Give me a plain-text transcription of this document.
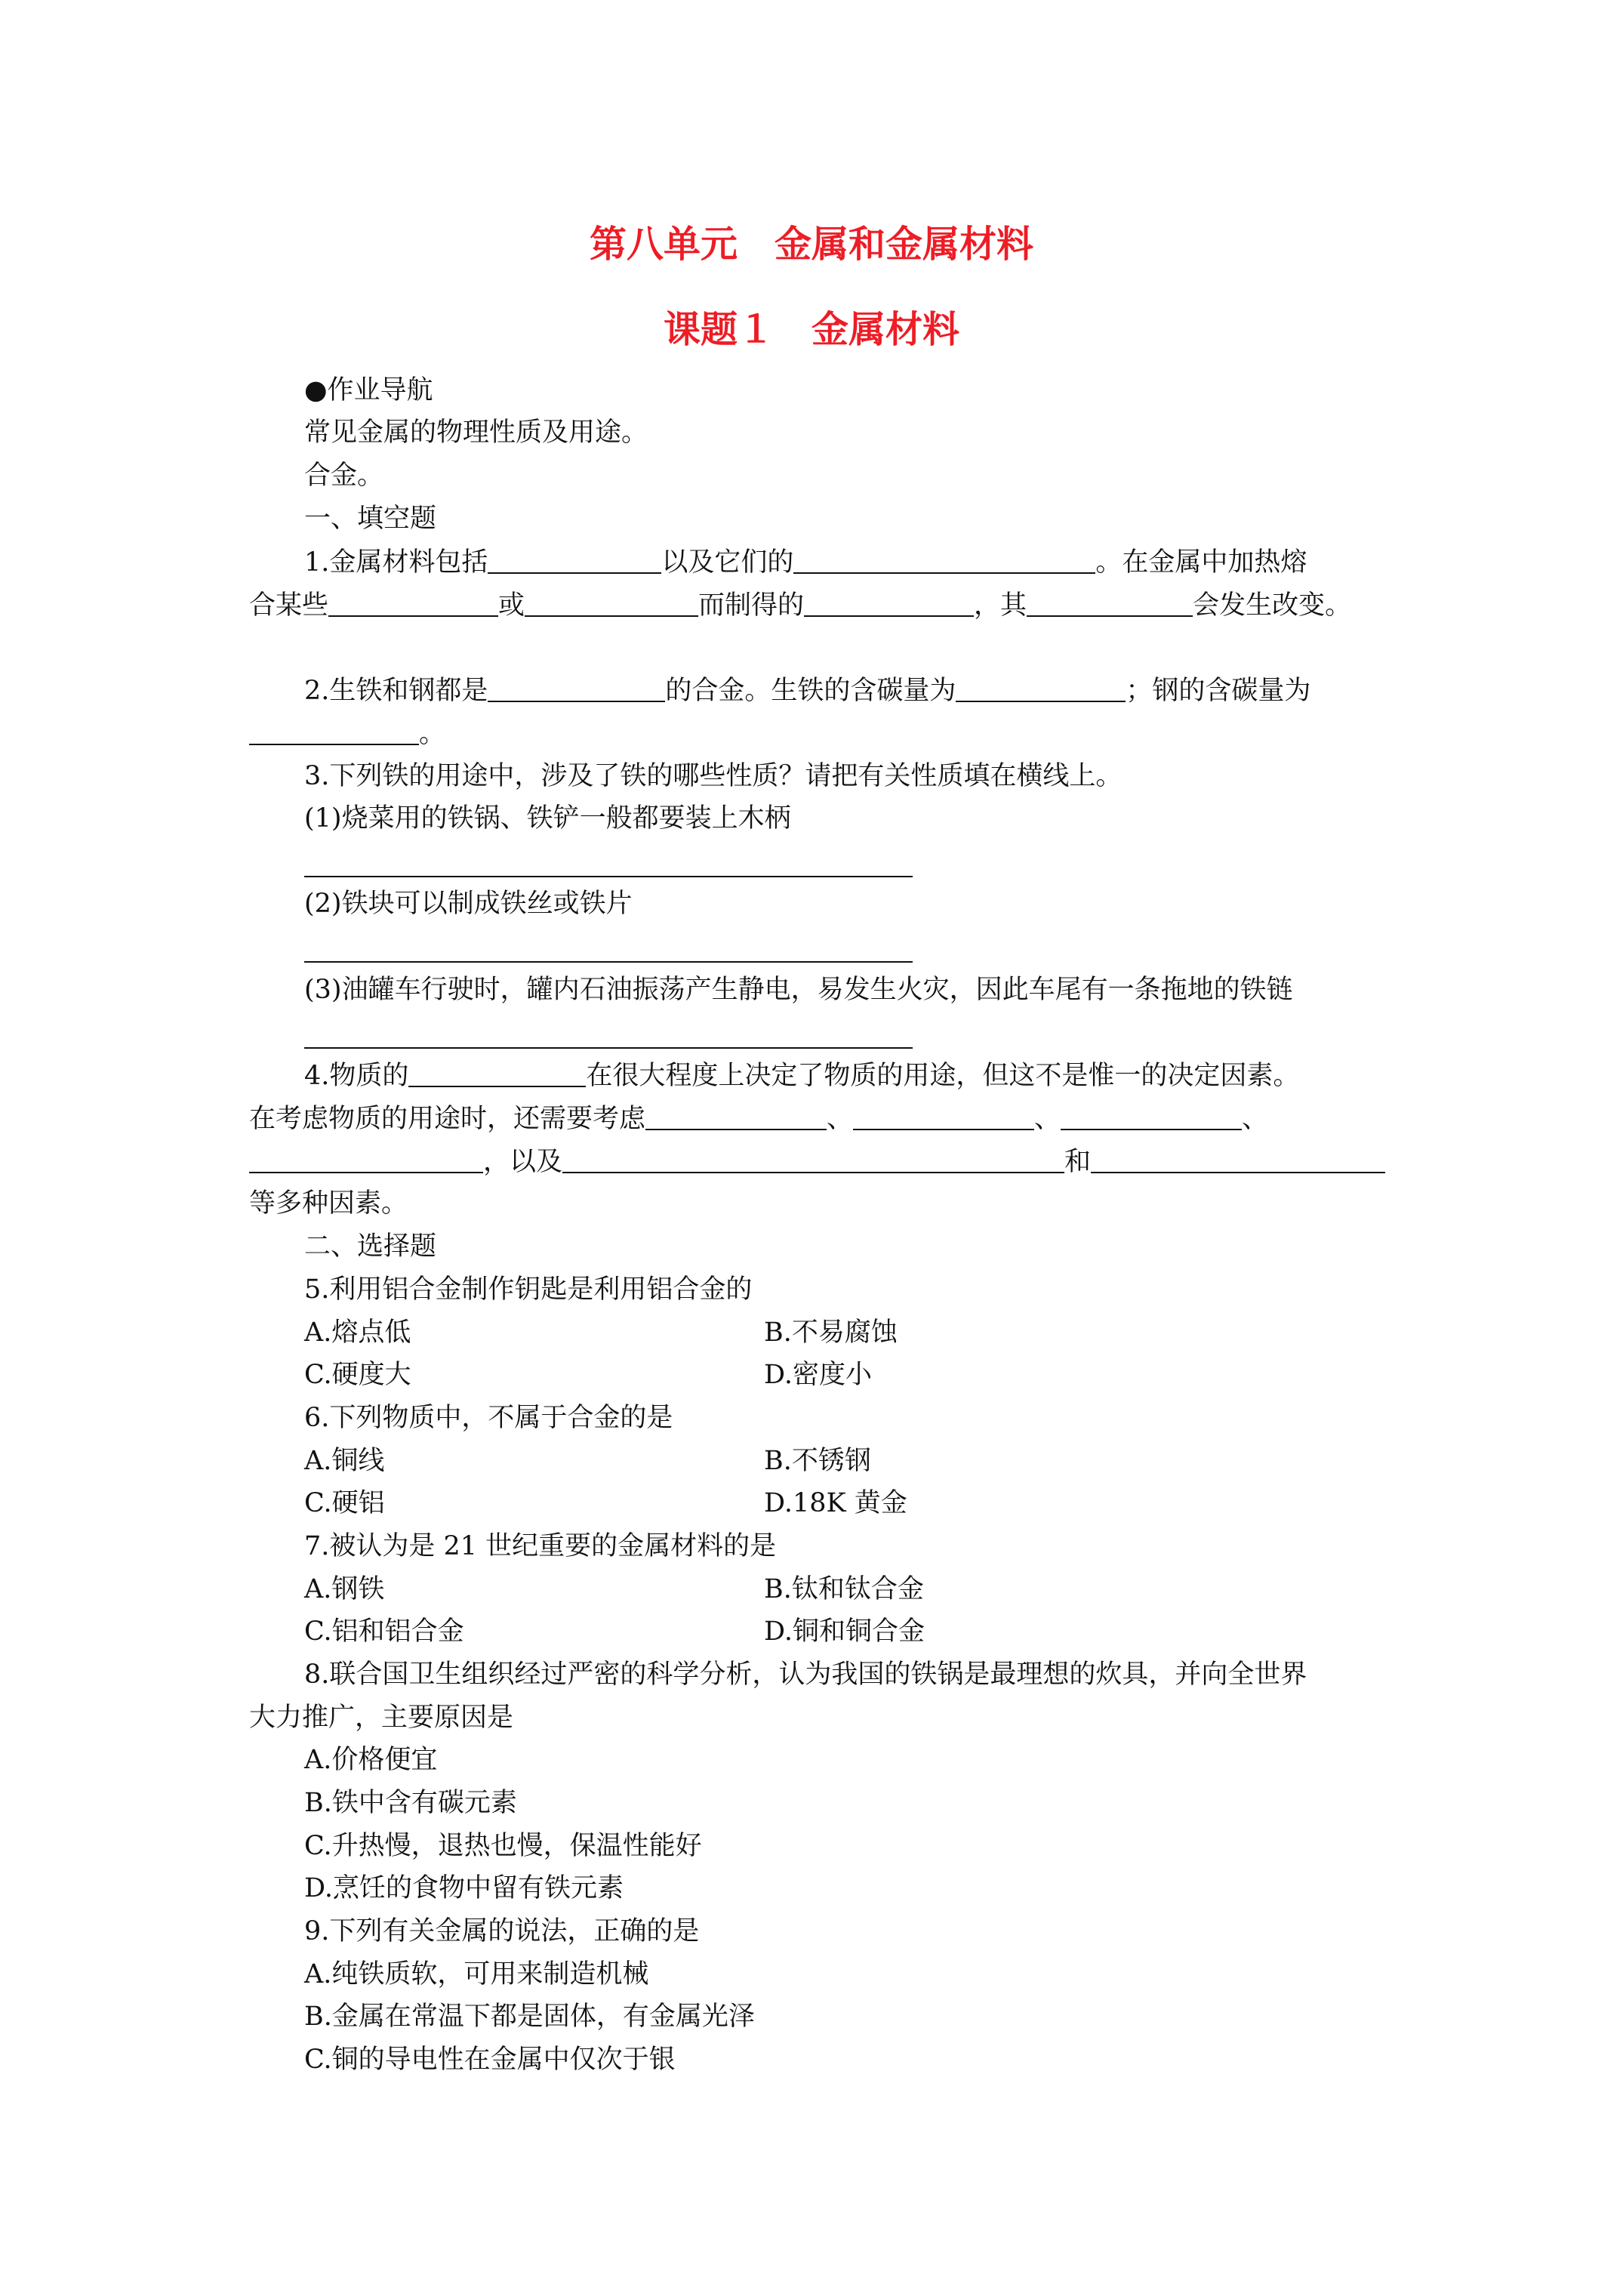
第八单元　金属和金属材料
课题１　金属材料
●作业导航
常见金属的物理性质及用途。
合金。
一、填空题
1.金属材料包括	以及它们的	。在金属中加热熔
合某些	或	而制得的	，其	会发生改变。
2.生铁和钢都是	的合金。生铁的含碳量为	；钢的含碳量为
。
3.下列铁的用途中，涉及了铁的哪些性质？请把有关性质填在横线上。
(1)烧菜用的铁锅、铁铲一般都要装上木柄
(2)铁块可以制成铁丝或铁片
(3)油罐车行驶时，罐内石油振荡产生静电，易发生火灾，因此车尾有一条拖地的铁链
4.物质的	在很大程度上决定了物质的用途，但这不是惟一的决定因素。
在考虑物质的用途时，还需要考虑	、	、	、
，以及	和
等多种因素。
二、选择题
5.利用铝合金制作钥匙是利用铝合金的
A.熔点低	B.不易腐蚀
C.硬度大	D.密度小
6.下列物质中，不属于合金的是
A.铜线	B.不锈钢
C.硬铝	D.18K 黄金
7.被认为是 21 世纪重要的金属材料的是
A.钢铁	B.钛和钛合金
C.铝和铝合金	D.铜和铜合金
8.联合国卫生组织经过严密的科学分析，认为我国的铁锅是最理想的炊具，并向全世界
大力推广，主要原因是
A.价格便宜
B.铁中含有碳元素
C.升热慢，退热也慢，保温性能好
D.烹饪的食物中留有铁元素
9.下列有关金属的说法，正确的是
A.纯铁质软，可用来制造机械
B.金属在常温下都是固体，有金属光泽
C.铜的导电性在金属中仅次于银
